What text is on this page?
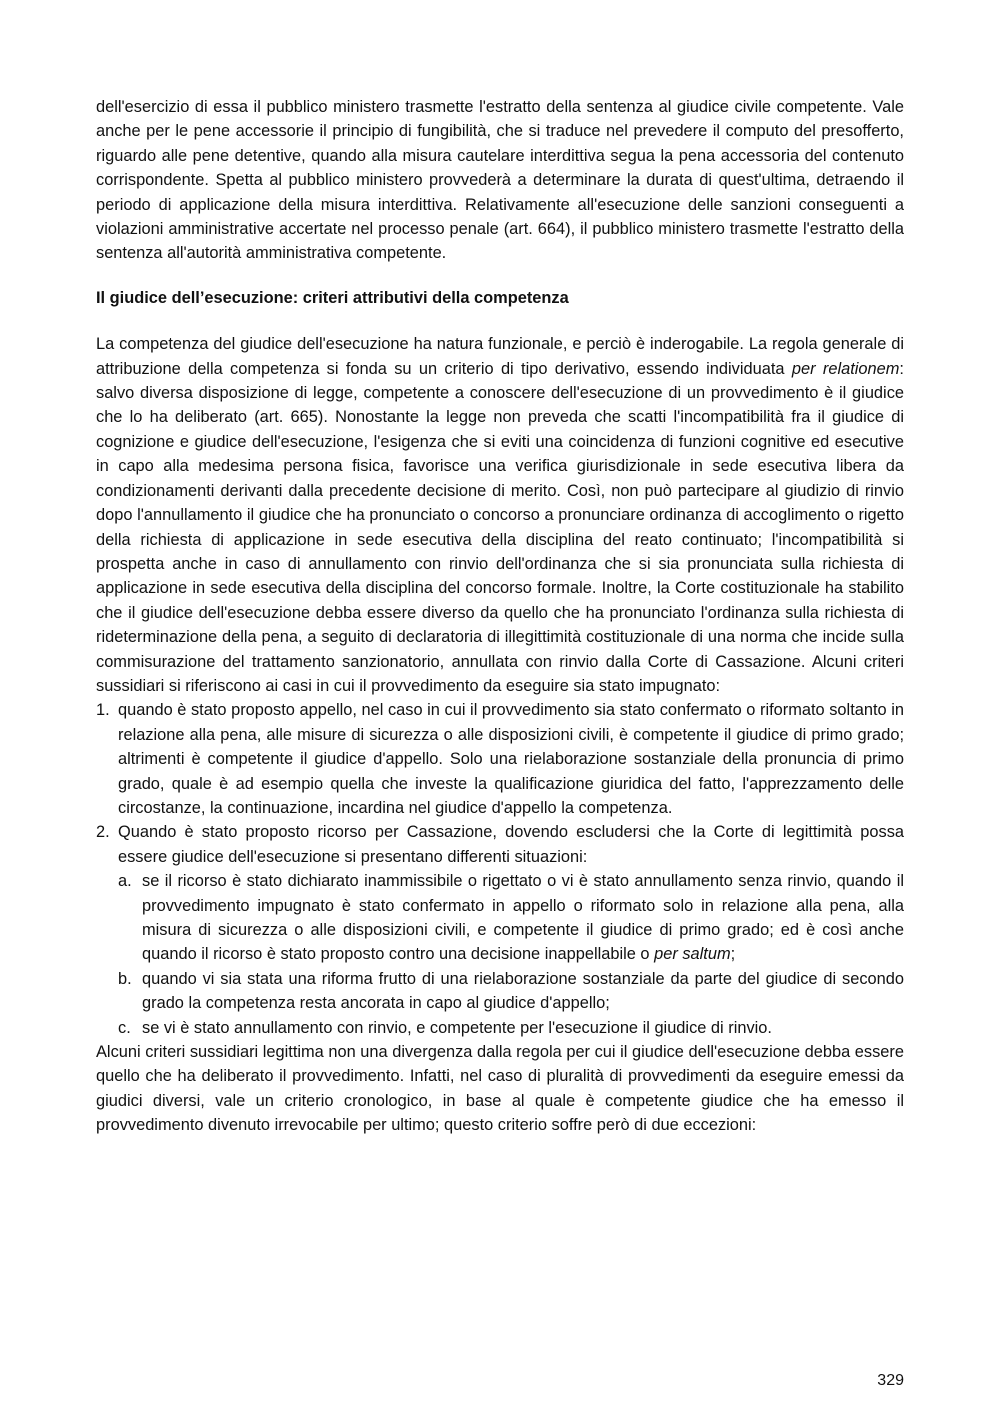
dell'esercizio di essa il pubblico ministero trasmette l'estratto della sentenza al giudice civile competente. Vale anche per le pene accessorie il principio di fungibilità, che si traduce nel prevedere il computo del presofferto, riguardo alle pene detentive, quando alla misura cautelare interdittiva segua la pena accessoria del contenuto corrispondente. Spetta al pubblico ministero provvederà a determinare la durata di quest'ultima, detraendo il periodo di applicazione della misura interdittiva. Relativamente all'esecuzione delle sanzioni conseguenti a violazioni amministrative accertate nel processo penale (art. 664), il pubblico ministero trasmette l'estratto della sentenza all'autorità amministrativa competente.

Il giudice dell’esecuzione: criteri attributivi della competenza

La competenza del giudice dell'esecuzione ha natura funzionale, e perciò è inderogabile. La regola generale di attribuzione della competenza si fonda su un criterio di tipo derivativo, essendo individuata per relationem: salvo diversa disposizione di legge, competente a conoscere dell'esecuzione di un provvedimento è il giudice che lo ha deliberato (art. 665). Nonostante la legge non preveda che scatti l'incompatibilità fra il giudice di cognizione e giudice dell'esecuzione, l'esigenza che si eviti una coincidenza di funzioni cognitive ed esecutive in capo alla medesima persona fisica, favorisce una verifica giurisdizionale in sede esecutiva libera da condizionamenti derivanti dalla precedente decisione di merito. Così, non può partecipare al giudizio di rinvio dopo l'annullamento il giudice che ha pronunciato o concorso a pronunciare ordinanza di accoglimento o rigetto della richiesta di applicazione in sede esecutiva della disciplina del reato continuato; l'incompatibilità si prospetta anche in caso di annullamento con rinvio dell'ordinanza che si sia pronunciata sulla richiesta di applicazione in sede esecutiva della disciplina del concorso formale. Inoltre, la Corte costituzionale ha stabilito che il giudice dell'esecuzione debba essere diverso da quello che ha pronunciato l'ordinanza sulla richiesta di rideterminazione della pena, a seguito di declaratoria di illegittimità costituzionale di una norma che incide sulla commisurazione del trattamento sanzionatorio, annullata con rinvio dalla Corte di Cassazione. Alcuni criteri sussidiari si riferiscono ai casi in cui il provvedimento da eseguire sia stato impugnato:

1. quando è stato proposto appello, nel caso in cui il provvedimento sia stato confermato o riformato soltanto in relazione alla pena, alle misure di sicurezza o alle disposizioni civili, è competente il giudice di primo grado; altrimenti è competente il giudice d'appello. Solo una rielaborazione sostanziale della pronuncia di primo grado, quale è ad esempio quella che investe la qualificazione giuridica del fatto, l'apprezzamento delle circostanze, la continuazione, incardina nel giudice d'appello la competenza.
2. Quando è stato proposto ricorso per Cassazione, dovendo escludersi che la Corte di legittimità possa essere giudice dell'esecuzione si presentano differenti situazioni:
a. se il ricorso è stato dichiarato inammissibile o rigettato o vi è stato annullamento senza rinvio, quando il provvedimento impugnato è stato confermato in appello o riformato solo in relazione alla pena, alla misura di sicurezza o alle disposizioni civili, e competente il giudice di primo grado; ed è così anche quando il ricorso è stato proposto contro una decisione inappellabile o per saltum;
b. quando vi sia stata una riforma frutto di una rielaborazione sostanziale da parte del giudice di secondo grado la competenza resta ancorata in capo al giudice d'appello;
c. se vi è stato annullamento con rinvio, e competente per l'esecuzione il giudice di rinvio.

Alcuni criteri sussidiari legittima non una divergenza dalla regola per cui il giudice dell'esecuzione debba essere quello che ha deliberato il provvedimento. Infatti, nel caso di pluralità di provvedimenti da eseguire emessi da giudici diversi, vale un criterio cronologico, in base al quale è competente giudice che ha emesso il provvedimento divenuto irrevocabile per ultimo; questo criterio soffre però di due eccezioni:

329
